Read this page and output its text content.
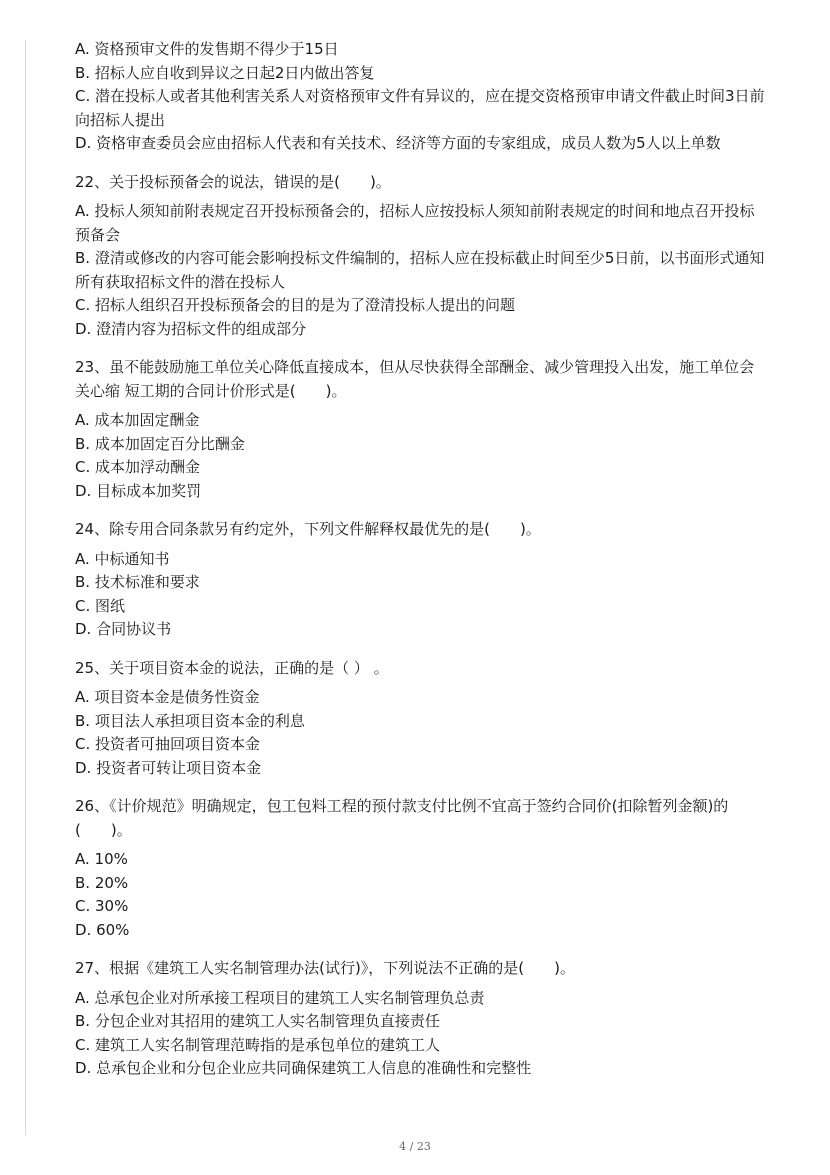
A. 资格预审文件的发售期不得少于15日
B. 招标人应自收到异议之日起2日内做出答复
C. 潜在投标人或者其他利害关系人对资格预审文件有异议的，应在提交资格预审申请文件截止时间3日前向招标人提出
D. 资格审查委员会应由招标人代表和有关技术、经济等方面的专家组成，成员人数为5人以上单数
22、关于投标预备会的说法，错误的是(　　)。
A. 投标人须知前附表规定召开投标预备会的，招标人应按投标人须知前附表规定的时间和地点召开投标预备会
B. 澄清或修改的内容可能会影响投标文件编制的，招标人应在投标截止时间至少5日前，以书面形式通知所有获取招标文件的潜在投标人
C. 招标人组织召开投标预备会的目的是为了澄清投标人提出的问题
D. 澄清内容为招标文件的组成部分
23、虽不能鼓励施工单位关心降低直接成本，但从尽快获得全部酬金、减少管理投入出发，施工单位会关心缩 短工期的合同计价形式是(　　)。
A. 成本加固定酬金
B. 成本加固定百分比酬金
C. 成本加浮动酬金
D. 目标成本加奖罚
24、除专用合同条款另有约定外，下列文件解释权最优先的是(　　)。
A. 中标通知书
B. 技术标准和要求
C. 图纸
D. 合同协议书
25、关于项目资本金的说法，正确的是（ ） 。
A. 项目资本金是债务性资金
B. 项目法人承担项目资本金的利息
C. 投资者可抽回项目资本金
D. 投资者可转让项目资本金
26、《计价规范》明确规定，包工包料工程的预付款支付比例不宜高于签约合同价(扣除暂列金额)的(　　)。
A. 10%
B. 20%
C. 30%
D. 60%
27、根据《建筑工人实名制管理办法(试行)》，下列说法不正确的是(　　)。
A. 总承包企业对所承接工程项目的建筑工人实名制管理负总责
B. 分包企业对其招用的建筑工人实名制管理负直接责任
C. 建筑工人实名制管理范畴指的是承包单位的建筑工人
D. 总承包企业和分包企业应共同确保建筑工人信息的准确性和完整性
4 / 23
